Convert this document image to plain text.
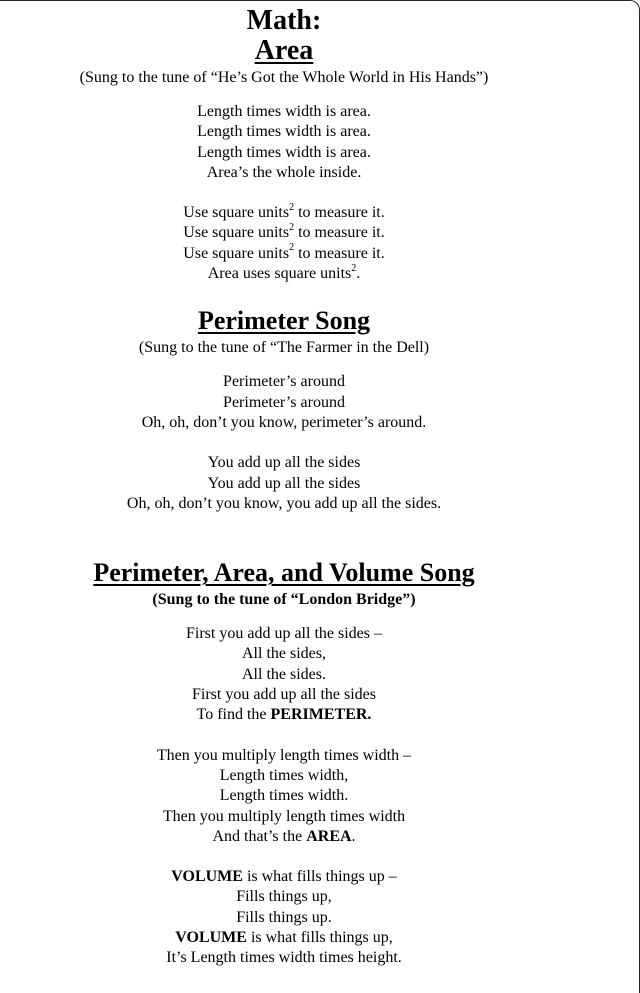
Math:
Area
(Sung to the tune of “He’s Got the Whole World in His Hands”)
Length times width is area.
Length times width is area.
Length times width is area.
Area’s the whole inside.
Use square units$^2$ to measure it.
Use square units$^2$ to measure it.
Use square units$^2$ to measure it.
Area uses square units$^2$.
Perimeter Song
(Sung to the tune of “The Farmer in the Dell)
Perimeter’s around
Perimeter’s around
Oh, oh, don’t you know, perimeter’s around.
You add up all the sides
You add up all the sides
Oh, oh, don’t you know, you add up all the sides.
Perimeter, Area, and Volume Song
(Sung to the tune of “London Bridge”)
First you add up all the sides –
All the sides,
All the sides.
First you add up all the sides
To find the PERIMETER.
Then you multiply length times width –
Length times width,
Length times width.
Then you multiply length times width
And that’s the AREA.
VOLUME is what fills things up –
Fills things up,
Fills things up.
VOLUME is what fills things up,
It’s Length times width times height.
